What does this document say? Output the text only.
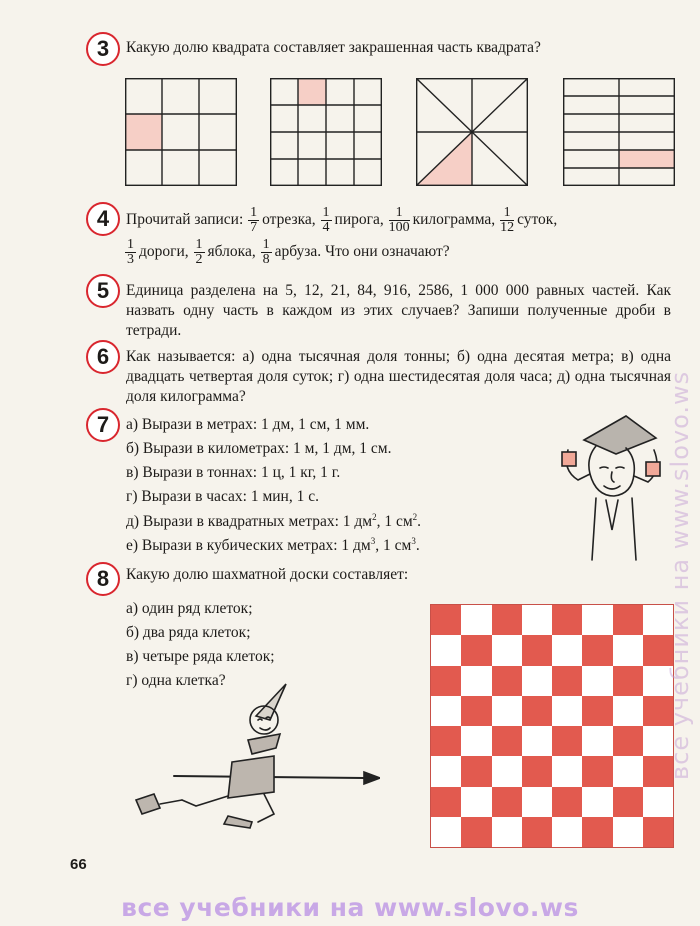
3	Какую долю квадрата составляет закрашенная часть квадрата?
4	Прочитай записи: $\frac{1}{7}$ отрезка, $\frac{1}{4}$ пирога, $\frac{1}{100}$ килограмма, $\frac{1}{12}$ суток,
$\frac{1}{3}$ дороги, $\frac{1}{2}$ яблока, $\frac{1}{8}$ арбуза. Что они означают?
5	Единица разделена на 5, 12, 21, 84, 916, 2586, 1 000 000 равных частей. Как назвать одну часть в каждом из этих случаев? Запиши полученные дроби в тетради.
6	Как называется: а) одна тысячная доля тонны; б) одна десятая метра; в) одна двадцать четвертая доля суток; г) одна шестидесятая доля часа; д) одна тысячная доля килограмма?
7	а) Вырази в метрах: 1 дм, 1 см, 1 мм.
б) Вырази в километрах: 1 м, 1 дм, 1 см.
в) Вырази в тоннах: 1 ц, 1 кг, 1 г.
г) Вырази в часах: 1 мин, 1 с.
д) Вырази в квадратных метрах: 1 $дм^2$, 1 $см^2$.
е) Вырази в кубических метрах: 1 $дм^3$, 1 $см^3$.
8	Какую долю шахматной доски составляет:
а) один ряд клеток;
б) два ряда клеток;
в) четыре ряда клеток;
г) одна клетка?
66
все учебники на www.slovo.ws
все учебники на www.slovo.ws
